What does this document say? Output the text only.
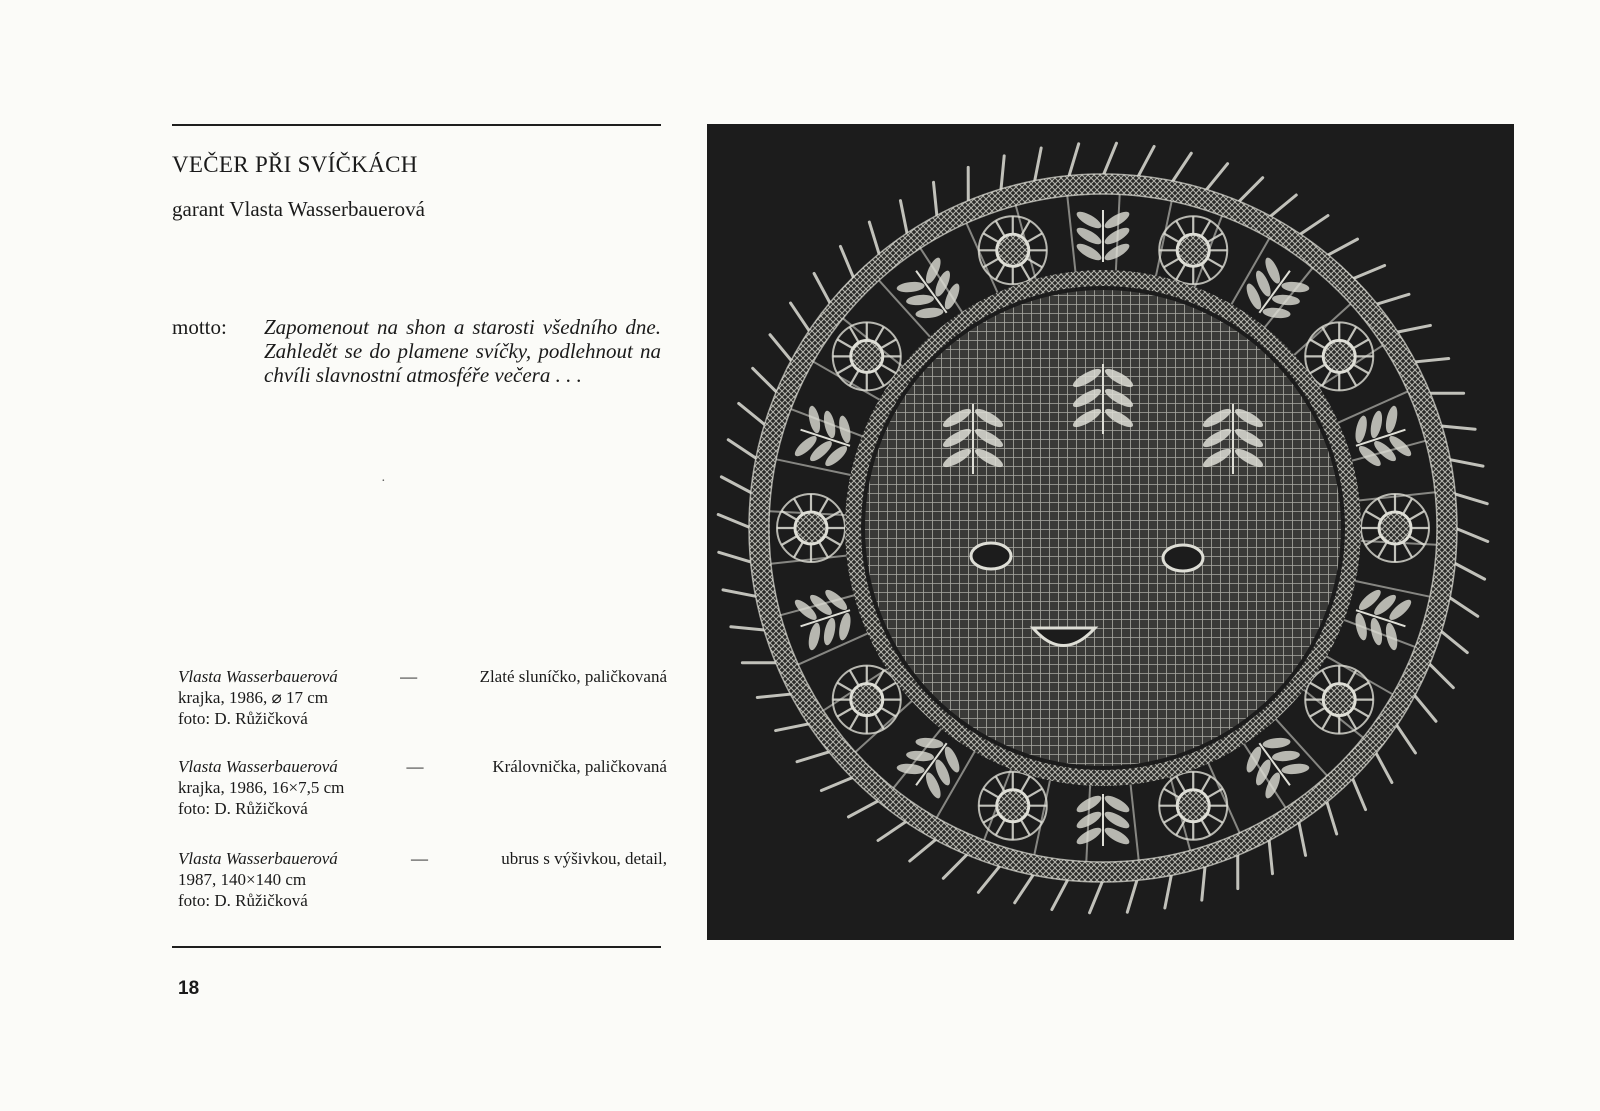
VEČER PŘI SVÍČKÁCH
garant Vlasta Wasserbauerová
motto: Zapomenout na shon a starosti všedního dne. Zahledět se do plamene svíčky, podlehnout na chvíli slavnostní atmosféře večera . . .
Vlasta Wasserbauerová	—	Zlaté sluníčko, paličkovaná
krajka, 1986, ⌀ 17 cm
foto: D. Růžičková
Vlasta Wasserbauerová	—	Královnička, paličkovaná
krajka, 1986, 16×7,5 cm
foto: D. Růžičková
Vlasta Wasserbauerová	—	ubrus s výšivkou, detail,
1987, 140×140 cm
foto: D. Růžičková
18
·
